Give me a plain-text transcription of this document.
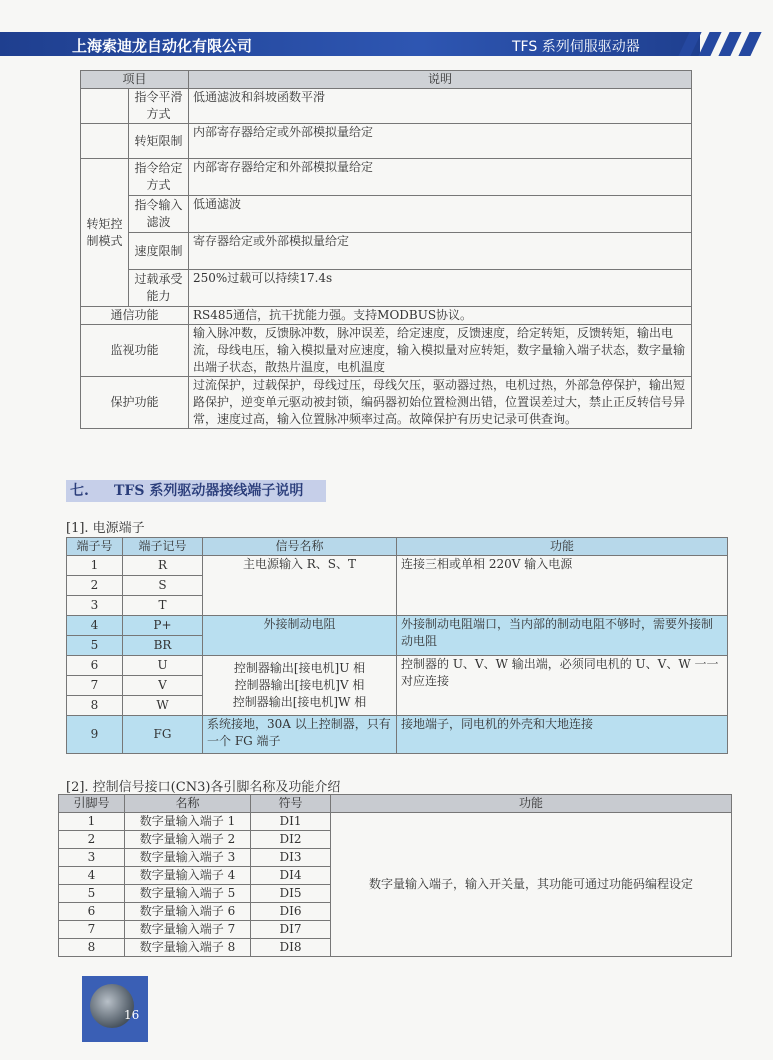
上海索迪龙自动化有限公司	TFS 系列伺服驱动器
项目		说明
	指令平滑方式	低通滤波和斜坡函数平滑
	转矩限制	内部寄存器给定或外部模拟量给定
转矩控制模式	指令给定方式	内部寄存器给定和外部模拟量给定
	指令输入滤波	低通滤波
	速度限制	寄存器给定或外部模拟量给定
	过载承受能力	250%过载可以持续17.4s
通信功能		RS485通信，抗干扰能力强。支持MODBUS协议。
监视功能		输入脉冲数，反馈脉冲数，脉冲误差，给定速度，反馈速度，给定转矩，反馈转矩，输出电流，母线电压，输入模拟量对应速度，输入模拟量对应转矩，数字量输入端子状态，数字量输出端子状态，散热片温度，电机温度
保护功能		过流保护，过载保护，母线过压，母线欠压，驱动器过热，电机过热，外部急停保护，输出短路保护，逆变单元驱动被封锁，编码器初始位置检测出错，位置误差过大，禁止正反转信号异常，速度过高，输入位置脉冲频率过高。故障保护有历史记录可供查询。
七. TFS 系列驱动器接线端子说明
[1]. 电源端子
端子号	端子记号	信号名称	功能
1	R	主电源输入 R、S、T	连接三相或单相 220V 输入电源
2	S		
3	T		
4	P+	外接制动电阻	外接制动电阻端口，当内部的制动电阻不够时，需要外接制动电阻
5	BR		
6	U	控制器输出[接电机]U 相
控制器输出[接电机]V 相
控制器输出[接电机]W 相	控制器的 U、V、W 输出端，必须同电机的 U、V、W 一一对应连接
7	V		
8	W		
9	FG	系统接地，30A 以上控制器，只有一个 FG 端子	接地端子，同电机的外壳和大地连接
[2]. 控制信号接口(CN3)各引脚名称及功能介绍
引脚号	名称	符号	功能
1	数字量输入端子 1	DI1	数字量输入端子，输入开关量，其功能可通过功能码编程设定
2	数字量输入端子 2	DI2	
3	数字量输入端子 3	DI3	
4	数字量输入端子 4	DI4	
5	数字量输入端子 5	DI5	
6	数字量输入端子 6	DI6	
7	数字量输入端子 7	DI7	
8	数字量输入端子 8	DI8	
16
